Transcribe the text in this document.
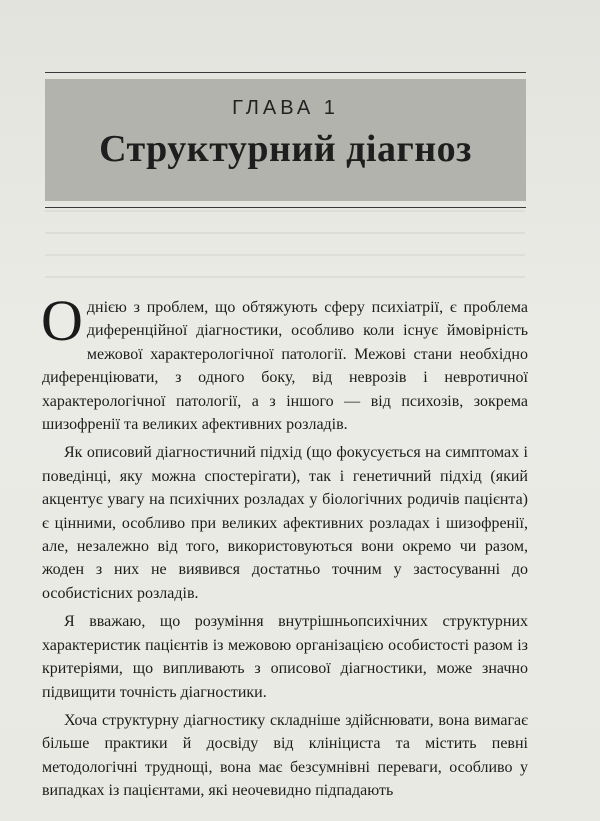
ГЛАВА 1
Структурний діагноз

Однією з проблем, що обтяжують сферу психіатрії, є проблема диференційної діагностики, особливо коли існує ймовірність межової характерологічної патології. Межові стани необхідно диференціювати, з одного боку, від неврозів і невротичної характерологічної патології, а з іншого — від психозів, зокрема шизофренії та великих афективних розладів.

Як описовий діагностичний підхід (що фокусується на симптомах і поведінці, яку можна спостерігати), так і генетичний підхід (який акцентує увагу на психічних розладах у біологічних родичів пацієнта) є цінними, особливо при великих афективних розладах і шизофренії, але, незалежно від того, використовуються вони окремо чи разом, жоден з них не виявився достатньо точним у застосуванні до особистісних розладів.

Я вважаю, що розуміння внутрішньопсихічних структурних характеристик пацієнтів із межовою організацією особистості разом із критеріями, що випливають з описової діагностики, може значно підвищити точність діагностики.

Хоча структурну діагностику складніше здійснювати, вона вимагає більше практики й досвіду від клініциста та містить певні методологічні труднощі, вона має безсумнівні переваги, особливо у випадках із пацієнтами, які неочевидно підпадають
